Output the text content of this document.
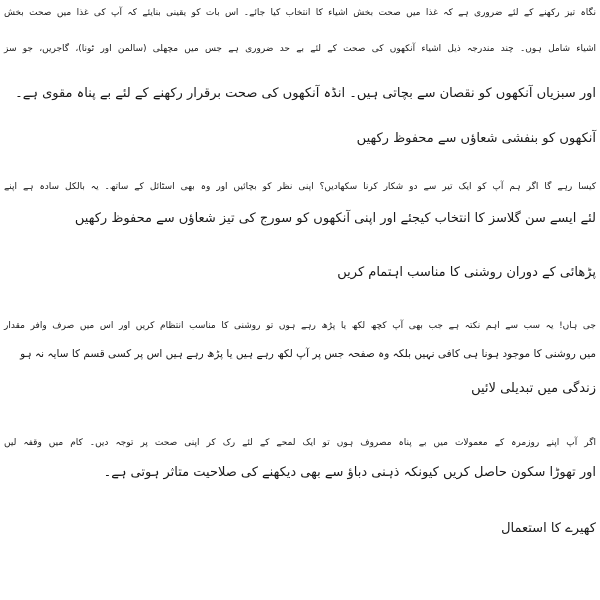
نگاہ تیز رکھنے کے لئے ضروری ہے کہ غذا میں صحت بخش اشیاء کا انتخاب کیا جائے۔ اس بات کو یقینی بنایئے کہ آپ کی غذا میں صحت بخش
اشیاء شامل ہوں۔ چند مندرجہ ذیل اشیاء آنکھوں کی صحت کے لئے بے حد ضروری ہے جس میں مچھلی (سالمن اور ٹونا)، گاجریں، جو سز
اور سبزیاں آنکھوں کو نقصان سے بچاتی ہیں۔ انڈہ آنکھوں کی صحت برقرار رکھنے کے لئے بے پناہ مقوی ہے۔
آنکھوں کو بنفشی شعاؤں سے محفوظ رکھیں
کیسا رہے گا اگر ہم آپ کو ایک تیر سے دو شکار کرنا سکھادیں؟ اپنی نظر کو بچائیں اور وہ بھی اسٹائل کے ساتھ۔ یہ بالکل سادہ ہے اپنے
لئے ایسے سن گلاسز کا انتخاب کیجئے اور اپنی آنکھوں کو سورج کی تیز شعاؤں سے محفوظ رکھیں
پڑھائی کے دوران روشنی کا مناسب اہتمام کریں
جی ہاں! یہ سب سے اہم نکتہ ہے جب بھی آپ کچھ لکھ یا پڑھ رہے ہوں تو روشنی کا مناسب انتظام کریں اور اس میں صرف وافر مقدار
میں روشنی کا موجود ہونا ہی کافی نہیں بلکہ وہ صفحہ جس پر آپ لکھ رہے ہیں یا پڑھ رہے ہیں اس پر کسی قسم کا سایہ نہ ہو
زندگی میں تبدیلی لائیں
اگر آپ اپنے روزمرہ کے معمولات میں بے پناہ مصروف ہوں تو ایک لمحے کے لئے رک کر اپنی صحت پر توجہ دیں۔ کام میں وقفہ لیں
اور تھوڑا سکون حاصل کریں کیونکہ ذہنی دباؤ سے بھی دیکھنے کی صلاحیت متاثر ہوتی ہے۔
کھیرے کا استعمال
